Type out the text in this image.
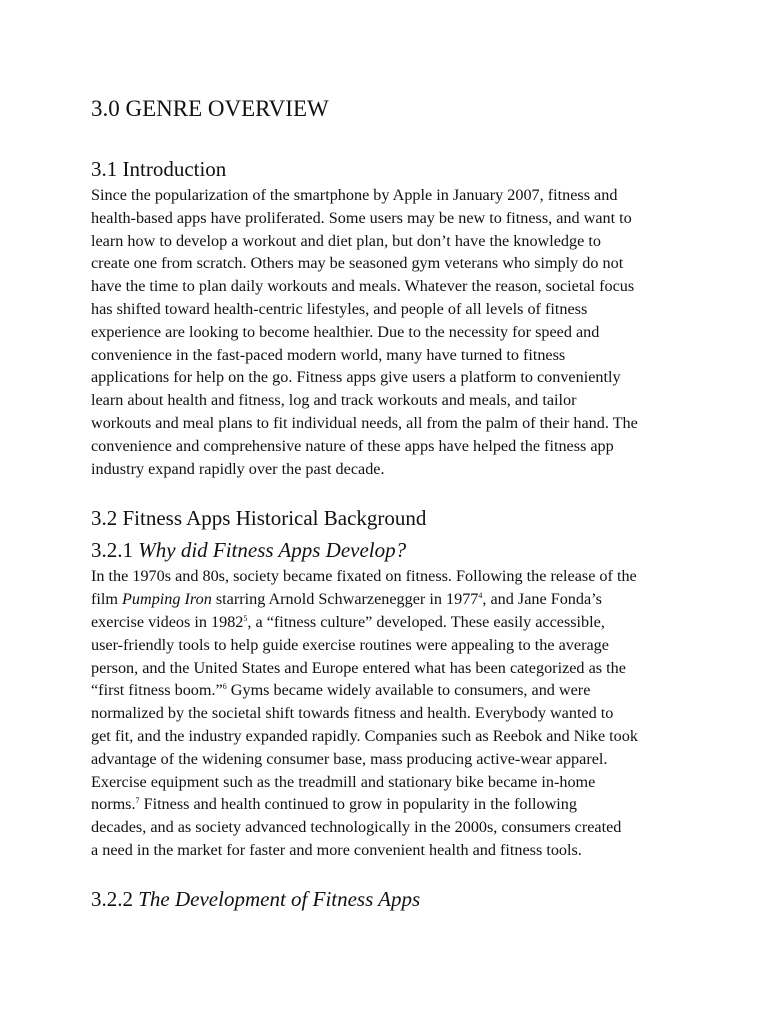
3.0 GENRE OVERVIEW
3.1 Introduction

Since the popularization of the smartphone by Apple in January 2007, fitness and
health-based apps have proliferated. Some users may be new to fitness, and want to
learn how to develop a workout and diet plan, but don’t have the knowledge to
create one from scratch. Others may be seasoned gym veterans who simply do not
have the time to plan daily workouts and meals. Whatever the reason, societal focus
has shifted toward health-centric lifestyles, and people of all levels of fitness
experience are looking to become healthier. Due to the necessity for speed and
convenience in the fast-paced modern world, many have turned to fitness
applications for help on the go. Fitness apps give users a platform to conveniently
learn about health and fitness, log and track workouts and meals, and tailor
workouts and meal plans to fit individual needs, all from the palm of their hand. The
convenience and comprehensive nature of these apps have helped the fitness app
industry expand rapidly over the past decade.

3.2 Fitness Apps Historical Background
3.2.1 Why did Fitness Apps Develop?

In the 1970s and 80s, society became fixated on fitness. Following the release of the
film Pumping Iron starring Arnold Schwarzenegger in 1977$^4$, and Jane Fonda’s
exercise videos in 1982$^5$, a “fitness culture” developed. These easily accessible,
user-friendly tools to help guide exercise routines were appealing to the average
person, and the United States and Europe entered what has been categorized as the
“first fitness boom.”$^6$ Gyms became widely available to consumers, and were
normalized by the societal shift towards fitness and health. Everybody wanted to
get fit, and the industry expanded rapidly. Companies such as Reebok and Nike took
advantage of the widening consumer base, mass producing active-wear apparel.
Exercise equipment such as the treadmill and stationary bike became in-home
norms.$^7$ Fitness and health continued to grow in popularity in the following
decades, and as society advanced technologically in the 2000s, consumers created
a need in the market for faster and more convenient health and fitness tools.

3.2.2 The Development of Fitness Apps
